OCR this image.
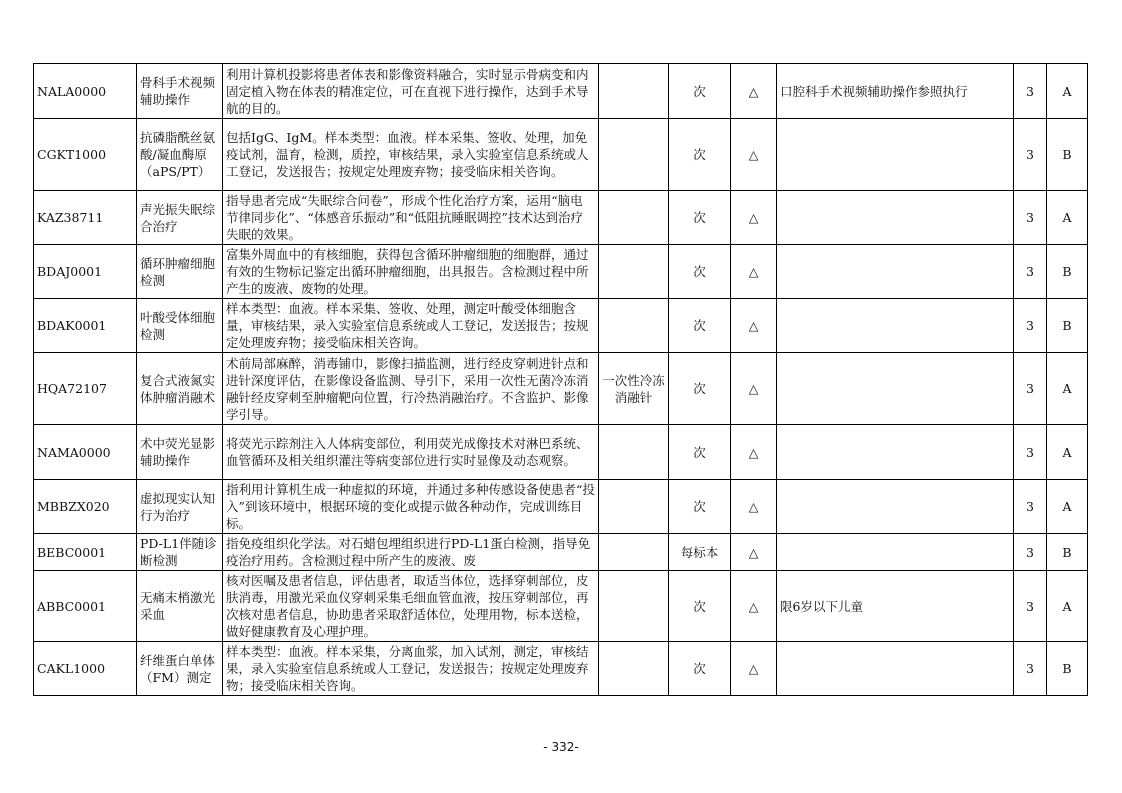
NALA0000	骨科手术视频辅助操作	利用计算机投影将患者体表和影像资料融合，实时显示骨病变和内固定植入物在体表的精准定位，可在直视下进行操作，达到手术导航的目的。		次	△	口腔科手术视频辅助操作参照执行	3	A
CGKT1000	抗磷脂酰丝氨酸/凝血酶原（aPS/PT）	包括IgG、IgM。样本类型：血液。样本采集、签收、处理，加免疫试剂，温育，检测，质控，审核结果，录入实验室信息系统或人工登记，发送报告；按规定处理废弃物；接受临床相关咨询。		次	△		3	B
KAZ38711	声光振失眠综合治疗	指导患者完成“失眠综合问卷”，形成个性化治疗方案，运用“脑电节律同步化”、“体感音乐振动”和“低阻抗睡眠调控”技术达到治疗失眠的效果。		次	△		3	A
BDAJ0001	循环肿瘤细胞检测	富集外周血中的有核细胞，获得包含循环肿瘤细胞的细胞群，通过有效的生物标记鉴定出循环肿瘤细胞，出具报告。含检测过程中所产生的废液、废物的处理。		次	△		3	B
BDAK0001	叶酸受体细胞检测	样本类型：血液。样本采集、签收、处理，测定叶酸受体细胞含量，审核结果，录入实验室信息系统或人工登记，发送报告；按规定处理废弃物；接受临床相关咨询。		次	△		3	B
HQA72107	复合式液氮实体肿瘤消融术	术前局部麻醉，消毒铺巾，影像扫描监测，进行经皮穿刺进针点和进针深度评估，在影像设备监测、导引下，采用一次性无菌冷冻消融针经皮穿刺至肿瘤靶向位置，行冷热消融治疗。不含监护、影像学引导。	一次性冷冻消融针	次	△		3	A
NAMA0000	术中荧光显影辅助操作	将荧光示踪剂注入人体病变部位，利用荧光成像技术对淋巴系统、血管循环及相关组织灌注等病变部位进行实时显像及动态观察。		次	△		3	A
MBBZX020	虚拟现实认知行为治疗	指利用计算机生成一种虚拟的环境，并通过多种传感设备使患者“投入”到该环境中，根据环境的变化或提示做各种动作，完成训练目标。		次	△		3	A
BEBC0001	PD-L1伴随诊断检测	指免疫组织化学法。对石蜡包埋组织进行PD-L1蛋白检测，指导免疫治疗用药。含检测过程中所产生的废液、废		每标本	△		3	B
ABBC0001	无痛末梢激光采血	核对医嘱及患者信息，评估患者，取适当体位，选择穿刺部位，皮肤消毒，用激光采血仪穿刺采集毛细血管血液，按压穿刺部位，再次核对患者信息，协助患者采取舒适体位，处理用物，标本送检，做好健康教育及心理护理。		次	△	限6岁以下儿童	3	A
CAKL1000	纤维蛋白单体（FM）测定	样本类型：血液。样本采集，分离血浆，加入试剂，测定，审核结果，录入实验室信息系统或人工登记，发送报告；按规定处理废弃物；接受临床相关咨询。		次	△		3	B
- 332-
